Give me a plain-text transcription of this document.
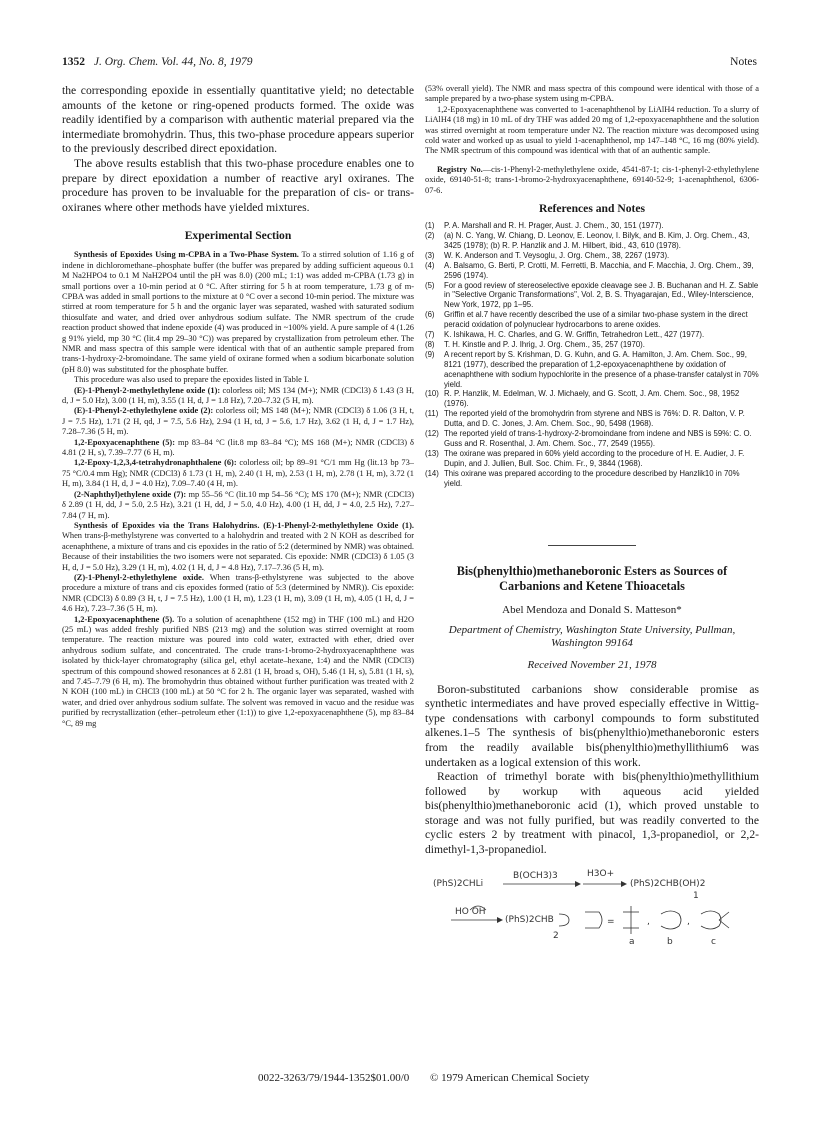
1352 J. Org. Chem. Vol. 44, No. 8, 1979	Notes

the corresponding epoxide in essentially quantitative yield; no detectable amounts of the ketone or ring-opened products formed. The oxide was readily identified by a comparison with authentic material prepared via the intermediate bromohydrin. Thus, this two-phase procedure appears superior to the previously described direct epoxidation.

The above results establish that this two-phase procedure enables one to prepare by direct epoxidation a number of reactive aryl oxiranes. The procedure has proven to be invaluable for the preparation of cis- or trans-oxiranes where other methods have yielded mixtures.

Experimental Section

Synthesis of Epoxides Using m-CPBA in a Two-Phase System. To a stirred solution of 1.16 g of indene in dichloromethane–phosphate buffer (the buffer was prepared by adding sufficient aqueous 0.1 M Na2HPO4 to 0.1 M NaH2PO4 until the pH was 8.0) (200 mL; 1:1) was added m-CPBA (1.73 g) in small portions over a 10-min period at 0 °C. After stirring for 5 h at room temperature, 1.73 g of m-CPBA was added in small portions to the mixture at 0 °C over a second 10-min period. The mixture was stirred at room temperature for 5 h and the organic layer was separated, washed with saturated sodium thiosulfate and water, and dried over anhydrous sodium sulfate. The NMR spectrum of the crude reaction product showed that indene epoxide (4) was produced in ~100% yield. A pure sample of 4 (1.26 g 91% yield, mp 30 °C (lit.4 mp 29–30 °C)) was prepared by crystallization from petroleum ether. The NMR and mass spectra of this sample were identical with that of an authentic sample prepared from trans-1-hydroxy-2-bromoindane. The same yield of oxirane formed when a sodium bicarbonate solution (pH 8.0) was substituted for the phosphate buffer.

This procedure was also used to prepare the epoxides listed in Table I.

(E)-1-Phenyl-2-methylethylene oxide (1): colorless oil; MS 134 (M+); NMR (CDCl3) δ 1.43 (3 H, d, J = 5.0 Hz), 3.00 (1 H, m), 3.55 (1 H, d, J = 1.8 Hz), 7.20–7.32 (5 H, m).

(E)-1-Phenyl-2-ethylethylene oxide (2): colorless oil; MS 148 (M+); NMR (CDCl3) δ 1.06 (3 H, t, J = 7.5 Hz), 1.71 (2 H, qd, J = 7.5, 5.6 Hz), 2.94 (1 H, td, J = 5.6, 1.7 Hz), 3.62 (1 H, d, J = 1.7 Hz), 7.28–7.36 (5 H, m).

1,2-Epoxyacenaphthene (5): mp 83–84 °C (lit.8 mp 83–84 °C); MS 168 (M+); NMR (CDCl3) δ 4.81 (2 H, s), 7.39–7.77 (6 H, m).

1,2-Epoxy-1,2,3,4-tetrahydronaphthalene (6): colorless oil; bp 89–91 °C/1 mm Hg (lit.13 bp 73–75 °C/0.4 mm Hg); NMR (CDCl3) δ 1.73 (1 H, m), 2.40 (1 H, m), 2.53 (1 H, m), 2.78 (1 H, m), 3.72 (1 H, m), 3.84 (1 H, d, J = 4.0 Hz), 7.09–7.40 (4 H, m).

(2-Naphthyl)ethylene oxide (7): mp 55–56 °C (lit.10 mp 54–56 °C); MS 170 (M+); NMR (CDCl3) δ 2.89 (1 H, dd, J = 5.0, 2.5 Hz), 3.21 (1 H, dd, J = 5.0, 4.0 Hz), 4.00 (1 H, dd, J = 4.0, 2.5 Hz), 7.27–7.84 (7 H, m).

Synthesis of Epoxides via the Trans Halohydrins. (E)-1-Phenyl-2-methylethylene Oxide (1). When trans-β-methylstyrene was converted to a halohydrin and treated with 2 N KOH as described for acenaphthene, a mixture of trans and cis epoxides in the ratio of 5:2 (determined by NMR) was obtained. Because of their instabilities the two isomers were not separated. Cis epoxide: NMR (CDCl3) δ 1.05 (3 H, d, J = 5.0 Hz), 3.29 (1 H, m), 4.02 (1 H, d, J = 4.8 Hz), 7.17–7.36 (5 H, m).

(Z)-1-Phenyl-2-ethylethylene oxide. When trans-β-ethylstyrene was subjected to the above procedure a mixture of trans and cis epoxides formed (ratio of 5:3 (determined by NMR)). Cis epoxide: NMR (CDCl3) δ 0.89 (3 H, t, J = 7.5 Hz), 1.00 (1 H, m), 1.23 (1 H, m), 3.09 (1 H, m), 4.05 (1 H, d, J = 4.6 Hz), 7.23–7.36 (5 H, m).

1,2-Epoxyacenaphthene (5). To a solution of acenaphthene (152 mg) in THF (100 mL) and H2O (25 mL) was added freshly purified NBS (213 mg) and the solution was stirred overnight at room temperature. The reaction mixture was poured into cold water, extracted with ether, dried over anhydrous sodium sulfate, and concentrated. The crude trans-1-bromo-2-hydroxyacenaphthene was isolated by thick-layer chromatography (silica gel, ethyl acetate–hexane, 1:4) and the NMR (CDCl3) spectrum of this compound showed resonances at δ 2.81 (1 H, broad s, OH), 5.46 (1 H, s), 5.81 (1 H, s), and 7.45–7.79 (6 H, m). The bromohydrin thus obtained without further purification was treated with 2 N KOH (100 mL) in CHCl3 (100 mL) at 50 °C for 2 h. The organic layer was separated, washed with water, and dried over anhydrous sodium sulfate. The solvent was removed in vacuo and the residue was purified by recrystallization (ether–petroleum ether (1:1)) to give 1,2-epoxyacenaphthene (5), mp 83–84 °C, 89 mg

(53% overall yield). The NMR and mass spectra of this compound were identical with those of a sample prepared by a two-phase system using m-CPBA.

1,2-Epoxyacenaphthene was converted to 1-acenaphthenol by LiAlH4 reduction. To a slurry of LiAlH4 (18 mg) in 10 mL of dry THF was added 20 mg of 1,2-epoxyacenaphthene and the solution was stirred overnight at room temperature under N2. The reaction mixture was decomposed using cold water and worked up as usual to yield 1-acenaphthenol, mp 147–148 °C, 16 mg (80% yield). The NMR spectrum of this compound was identical with that of an authentic sample.

Registry No.—cis-1-Phenyl-2-methylethylene oxide, 4541-87-1; cis-1-phenyl-2-ethylethylene oxide, 69140-51-8; trans-1-bromo-2-hydroxyacenaphthene, 69140-52-9; 1-acenaphthenol, 6306-07-6.

References and Notes
(1) P. A. Marshall and R. H. Prager, Aust. J. Chem., 30, 151 (1977).
(2) (a) N. C. Yang, W. Chiang, D. Leonov, E. Leonov, I. Bilyk, and B. Kim, J. Org. Chem., 43, 3425 (1978); (b) R. P. Hanzlik and J. M. Hilbert, ibid., 43, 610 (1978).
(3) W. K. Anderson and T. Veysoglu, J. Org. Chem., 38, 2267 (1973).
(4) A. Balsamo, G. Berti, P. Crotti, M. Ferretti, B. Macchia, and F. Macchia, J. Org. Chem., 39, 2596 (1974).
(5) For a good review of stereoselective epoxide cleavage see J. B. Buchanan and H. Z. Sable in "Selective Organic Transformations", Vol. 2, B. S. Thyagarajan, Ed., Wiley-Interscience, New York, 1972, pp 1–95.
(6) Griffin et al.7 have recently described the use of a similar two-phase system in the direct peracid oxidation of polynuclear hydrocarbons to arene oxides.
(7) K. Ishikawa, H. C. Charles, and G. W. Griffin, Tetrahedron Lett., 427 (1977).
(8) T. H. Kinstle and P. J. Ihrig, J. Org. Chem., 35, 257 (1970).
(9) A recent report by S. Krishman, D. G. Kuhn, and G. A. Hamilton, J. Am. Chem. Soc., 99, 8121 (1977), described the preparation of 1,2-epoxyacenaphthene by oxidation of acenaphthene with sodium hypochlorite in the presence of a phase-transfer catalyst in 70% yield.
(10) R. P. Hanzlik, M. Edelman, W. J. Michaely, and G. Scott, J. Am. Chem. Soc., 98, 1952 (1976).
(11) The reported yield of the bromohydrin from styrene and NBS is 76%: D. R. Dalton, V. P. Dutta, and D. C. Jones, J. Am. Chem. Soc., 90, 5498 (1968).
(12) The reported yield of trans-1-hydroxy-2-bromoindane from indene and NBS is 59%: C. O. Guss and R. Rosenthal, J. Am. Chem. Soc., 77, 2549 (1955).
(13) The oxirane was prepared in 60% yield according to the procedure of H. E. Audier, J. F. Dupin, and J. Jullien, Bull. Soc. Chim. Fr., 9, 3844 (1968).
(14) This oxirane was prepared according to the procedure described by Hanzlik10 in 70% yield.
Bis(phenylthio)methaneboronic Esters as Sources of Carbanions and Ketene Thioacetals
Abel Mendoza and Donald S. Matteson*
Department of Chemistry, Washington State University, Pullman, Washington 99164
Received November 21, 1978

Boron-substituted carbanions show considerable promise as synthetic intermediates and have proved especially effective in Wittig-type condensations with carbonyl compounds to form substituted alkenes.1–5 The synthesis of bis(phenylthio)methaneboronic esters from the readily available bis(phenylthio)methyllithium6 was undertaken as a logical extension of this work.

Reaction of trimethyl borate with bis(phenylthio)methyllithium followed by workup with aqueous acid yielded bis(phenylthio)methaneboronic acid (1), which proved unstable to storage and was not fully purified, but was readily converted to the cyclic esters 2 by treatment with pinacol, 1,3-propanediol, or 2,2-dimethyl-1,3-propanediol.

(PhS)2CHLi
B(OCH3)3	H3O+
(PhS)2CHB(OH)2
1
HO OH
(PhS)2CHB
2
=
a
,
b
,
c
0022-3263/79/1944-1352$01.00/0 © 1979 American Chemical Society
